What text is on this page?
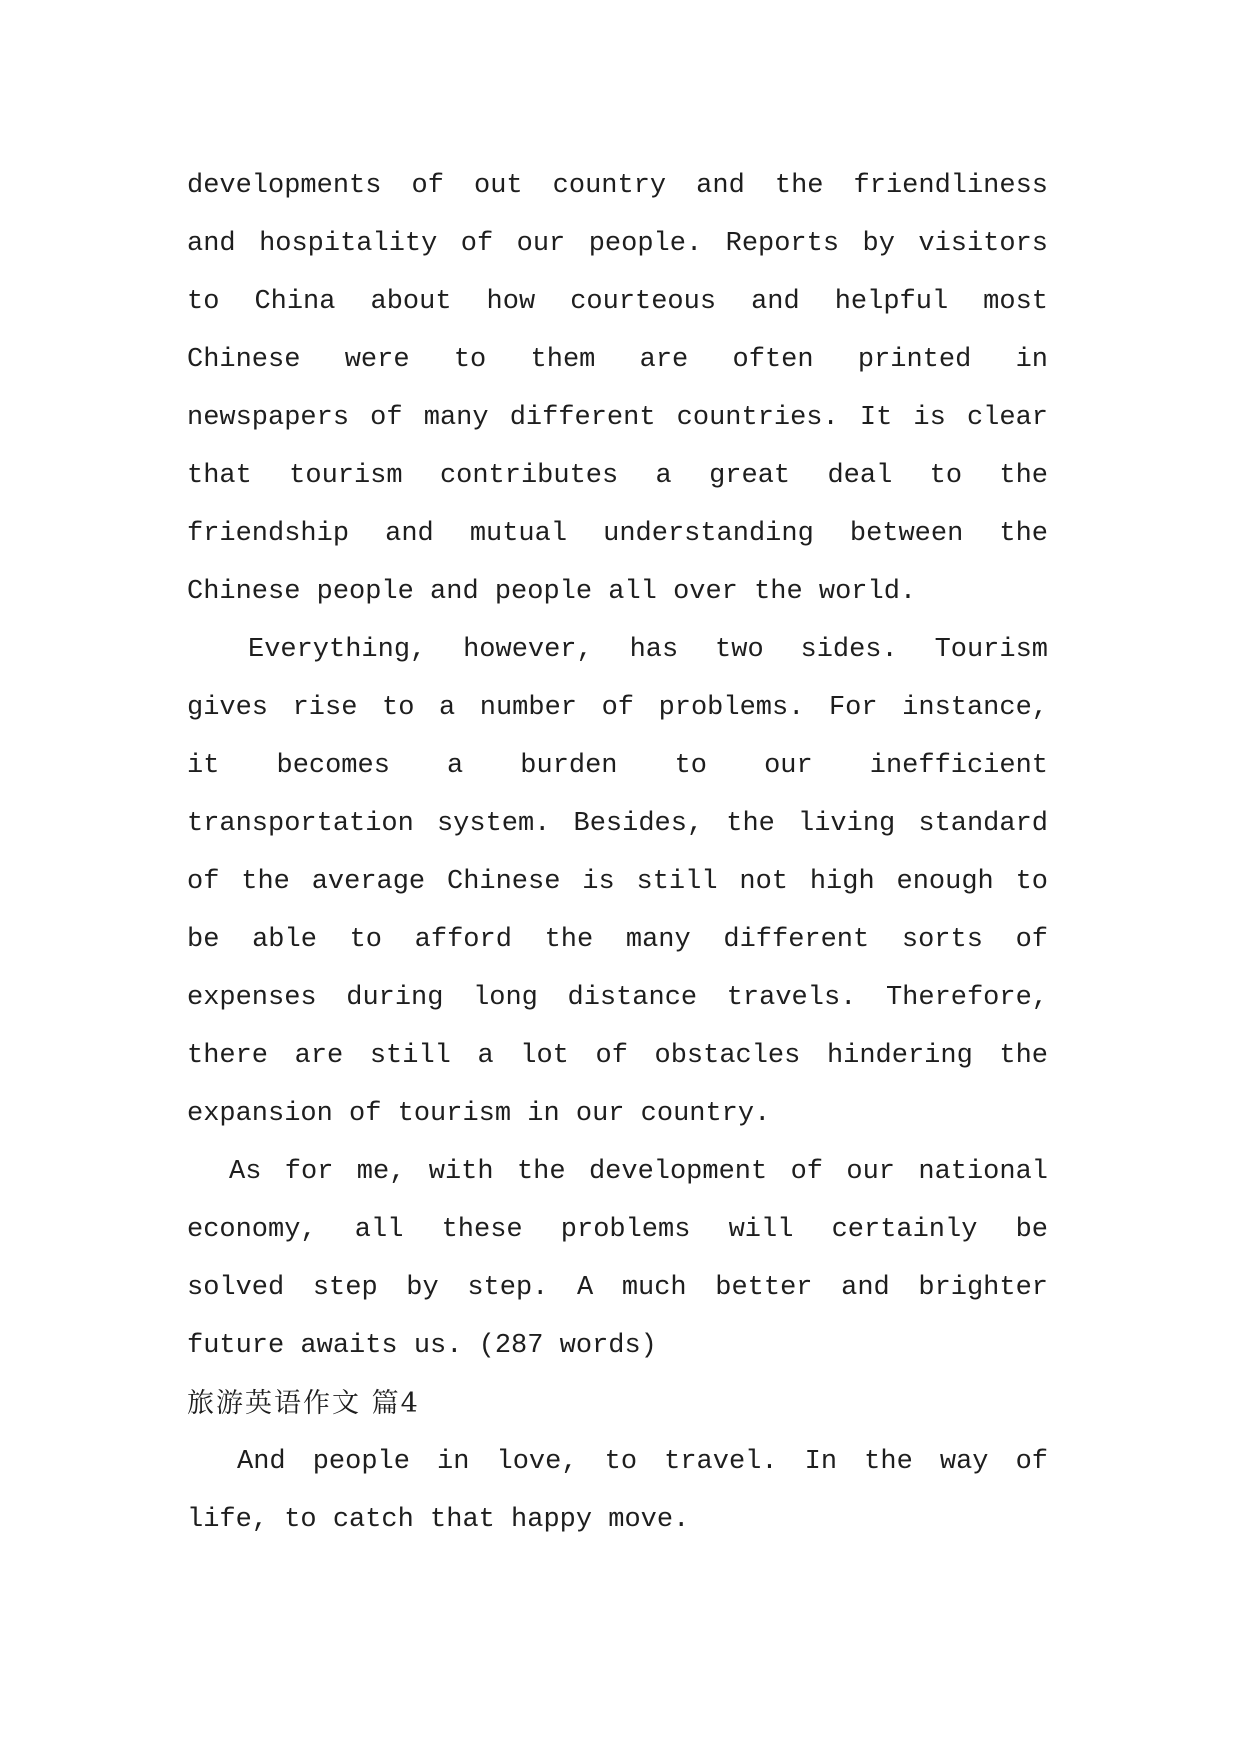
developments of out country and the friendliness
and hospitality of our people. Reports by visitors
to China about how courteous and helpful most
Chinese were to them are often printed in
newspapers of many different countries. It is clear
that tourism contributes a great deal to the
friendship and mutual understanding between the
Chinese people and people all over the world.
Everything, however, has two sides. Tourism
gives rise to a number of problems. For instance,
it becomes a burden to our inefficient
transportation system. Besides, the living standard
of the average Chinese is still not high enough to
be able to afford the many different sorts of
expenses during long distance travels. Therefore,
there are still a lot of obstacles hindering the
expansion of tourism in our country.
As for me, with the development of our national
economy, all these problems will certainly be
solved step by step. A much better and brighter
future awaits us. (287 words)
旅游英语作文 篇4
And people in love, to travel. In the way of
life, to catch that happy move.
